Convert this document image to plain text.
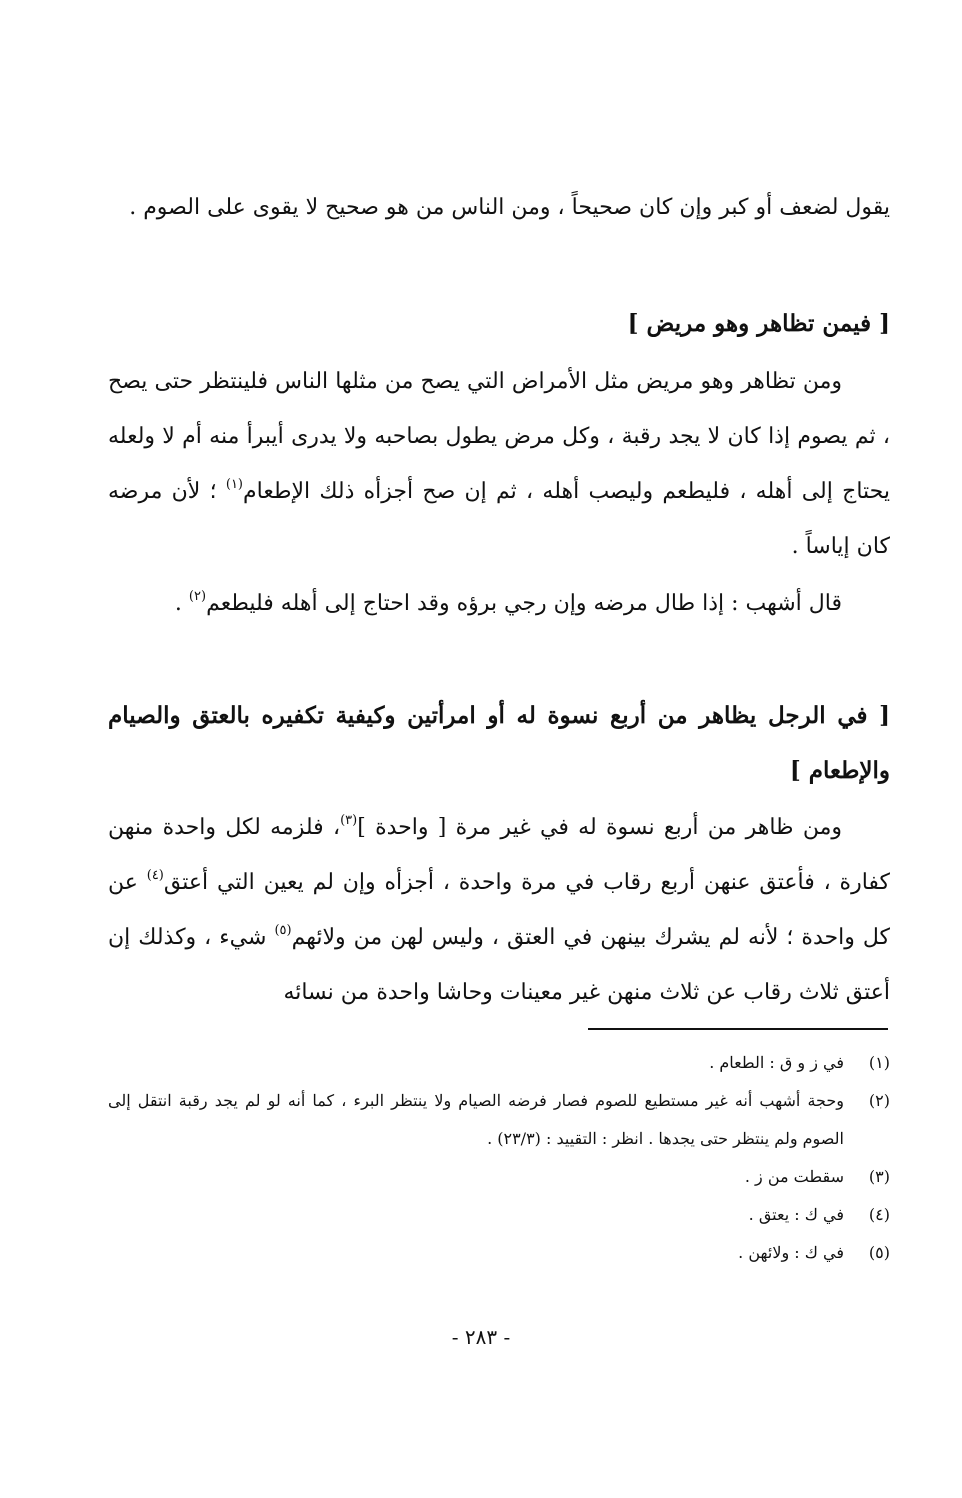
يقول لضعف أو كبر وإن كان صحيحاً ، ومن الناس من هو صحيح لا يقوى على الصوم .

[ فيمن تظاهر وهو مريض ]

ومن تظاهر وهو مريض مثل الأمراض التي يصح من مثلها الناس فلينتظر حتى يصح ، ثم يصوم إذا كان لا يجد رقبة ، وكل مرض يطول بصاحبه ولا يدرى أيبرأ منه أم لا ولعله يحتاج إلى أهله ، فليطعم وليصب أهله ، ثم إن صح أجزأه ذلك الإطعام$^{(١)}$ ؛ لأن مرضه كان إياساً .

قال أشهب : إذا طال مرضه وإن رجي برؤه وقد احتاج إلى أهله فليطعم$^{(٢)}$ .

[ في الرجل يظاهر من أربع نسوة له أو امرأتين وكيفية تكفيره بالعتق والصيام والإطعام ]

ومن ظاهر من أربع نسوة له في غير مرة [ واحدة ]$^{(٣)}$، فلزمه لكل واحدة منهن كفارة ، فأعتق عنهن أربع رقاب في مرة واحدة ، أجزأه وإن لم يعين التي أعتق$^{(٤)}$ عن كل واحدة ؛ لأنه لم يشرك بينهن في العتق ، وليس لهن من ولائهم$^{(٥)}$ شيء ، وكذلك إن أعتق ثلاث رقاب عن ثلاث منهن غير معينات وحاشا واحدة من نسائه

(١)
في ز و ق : الطعام .

(٢)
وحجة أشهب أنه غير مستطيع للصوم فصار فرضه الصيام ولا ينتظر البرء ، كما أنه لو لم يجد رقبة انتقل إلى الصوم ولم ينتظر حتى يجدها . انظر : التقييد : (٢٣/٣) .

(٣)
سقطت من ز .

(٤)
في ك : يعتق .

(٥)
في ك : ولائهن .

- ٢٨٣ -
